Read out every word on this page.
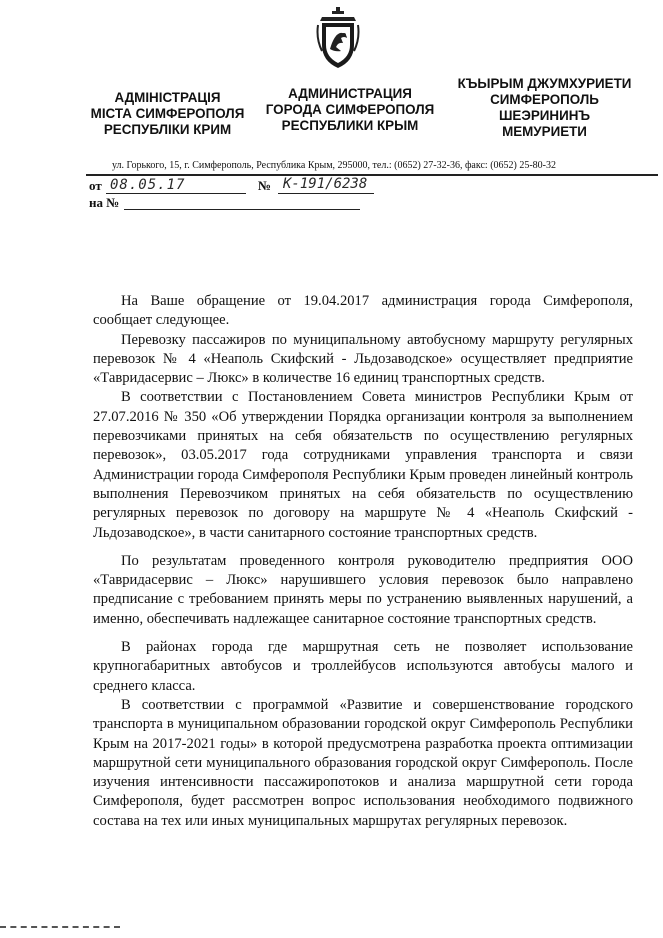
АДМІНІСТРАЦІЯ
МІСТА СИМФЕРОПОЛЯ
РЕСПУБЛІКИ КРИМ
АДМИНИСТРАЦИЯ
ГОРОДА СИМФЕРОПОЛЯ
РЕСПУБЛИКИ КРЫМ
КЪЫРЫМ ДЖУМХУРИЕТИ
СИМФЕРОПОЛЬ
ШЕЭРИНИНЪ
МЕМУРИЕТИ
ул. Горького, 15, г. Симферополь, Республика Крым, 295000, тел.: (0652) 27-32-36, факс: (0652) 25-80-32
от 08.05.17	№ К-191/6238
на №

На Ваше обращение от 19.04.2017 администрация города Симферополя, сообщает следующее.

Перевозку пассажиров по муниципальному автобусному маршруту регулярных перевозок № 4 «Неаполь Скифский - Льдозаводское» осуществляет предприятие «Тавридасервис – Люкс» в количестве 16 единиц транспортных средств.

В соответствии с Постановлением Совета министров Республики Крым от 27.07.2016 № 350 «Об утверждении Порядка организации контроля за выполнением перевозчиками принятых на себя обязательств по осуществлению регулярных перевозок», 03.05.2017 года сотрудниками управления транспорта и связи Администрации города Симферополя Республики Крым проведен линейный контроль выполнения Перевозчиком принятых на себя обязательств по осуществлению регулярных перевозок по договору на маршруте № 4 «Неаполь Скифский - Льдозаводское», в части санитарного состояние транспортных средств.

По результатам проведенного контроля руководителю предприятия ООО «Тавридасервис – Люкс» нарушившего условия перевозок было направлено предписание с требованием принять меры по устранению выявленных нарушений, а именно, обеспечивать надлежащее санитарное состояние транспортных средств.

В районах города где маршрутная сеть не позволяет использование крупногабаритных автобусов и троллейбусов используются автобусы малого и среднего класса.

В соответствии с программой «Развитие и совершенствование городского транспорта в муниципальном образовании городской округ Симферополь Республики Крым на 2017-2021 годы» в которой предусмотрена разработка проекта оптимизации маршрутной сети муниципального образования городской округ Симферополь. После изучения интенсивности пассажиропотоков и анализа маршрутной сети города Симферополя, будет рассмотрен вопрос использования необходимого подвижного состава на тех или иных муниципальных маршрутах регулярных перевозок.
